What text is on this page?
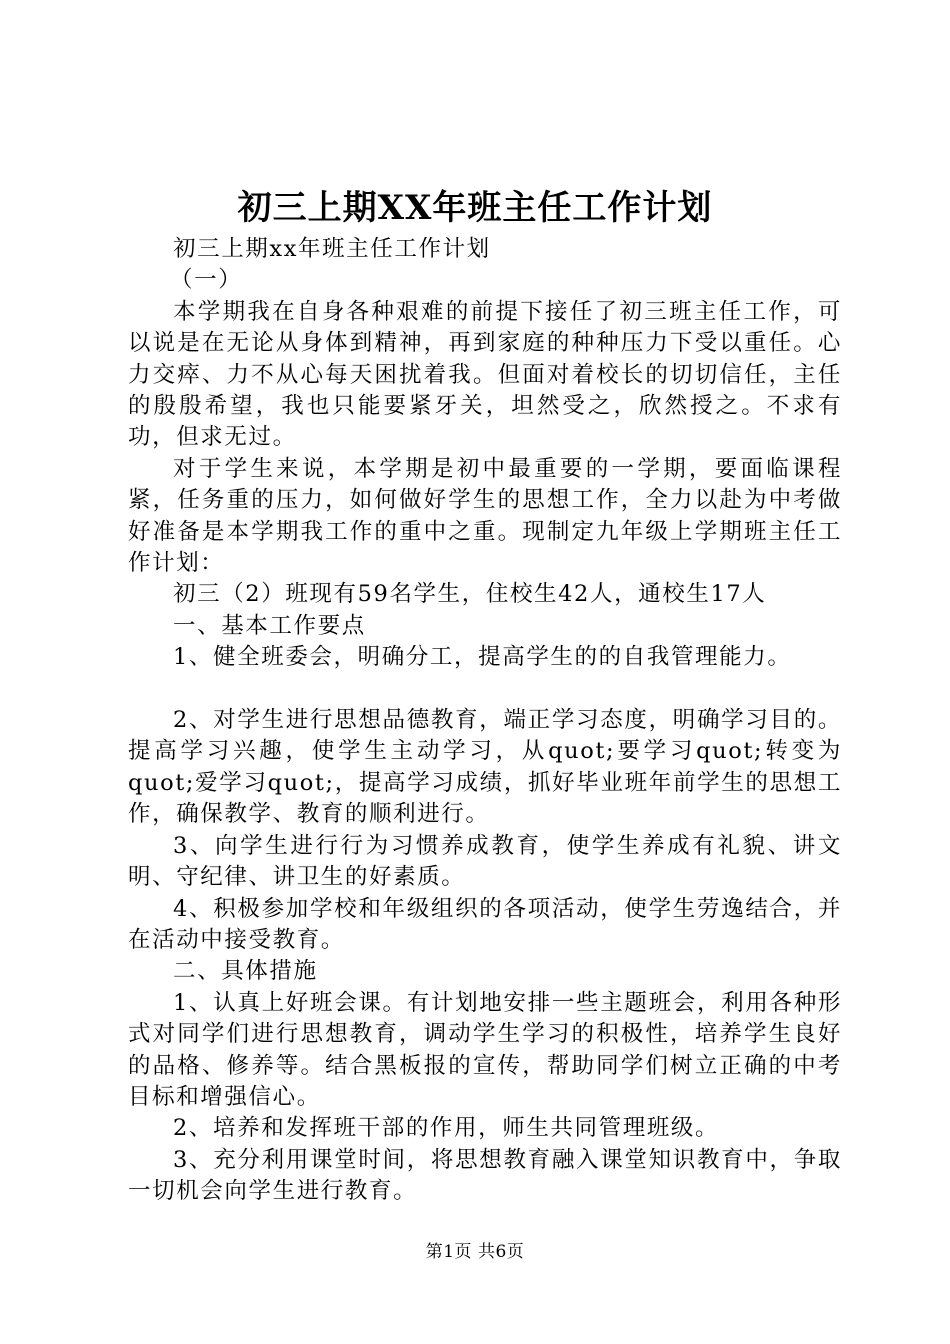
初三上期XX年班主任工作计划

初三上期xx年班主任工作计划

（一）

本学期我在自身各种艰难的前提下接任了初三班主任工作，可以说是在无论从身体到精神，再到家庭的种种压力下受以重任。心力交瘁、力不从心每天困扰着我。但面对着校长的切切信任，主任的殷殷希望，我也只能要紧牙关，坦然受之，欣然授之。不求有功，但求无过。

对于学生来说，本学期是初中最重要的一学期，要面临课程紧，任务重的压力，如何做好学生的思想工作，全力以赴为中考做好准备是本学期我工作的重中之重。现制定九年级上学期班主任工作计划：

初三（2）班现有59名学生，住校生42人，通校生17人

一、基本工作要点

1、健全班委会，明确分工，提高学生的的自我管理能力。

2、对学生进行思想品德教育，端正学习态度，明确学习目的。提高学习兴趣，使学生主动学习，从quot;要学习quot;转变为quot;爱学习quot;，提高学习成绩，抓好毕业班年前学生的思想工作，确保教学、教育的顺利进行。

3、向学生进行行为习惯养成教育，使学生养成有礼貌、讲文明、守纪律、讲卫生的好素质。

4、积极参加学校和年级组织的各项活动，使学生劳逸结合，并在活动中接受教育。

二、具体措施

1、认真上好班会课。有计划地安排一些主题班会，利用各种形式对同学们进行思想教育，调动学生学习的积极性，培养学生良好的品格、修养等。结合黑板报的宣传，帮助同学们树立正确的中考目标和增强信心。

2、培养和发挥班干部的作用，师生共同管理班级。

3、充分利用课堂时间，将思想教育融入课堂知识教育中，争取一切机会向学生进行教育。

第1页 共6页
